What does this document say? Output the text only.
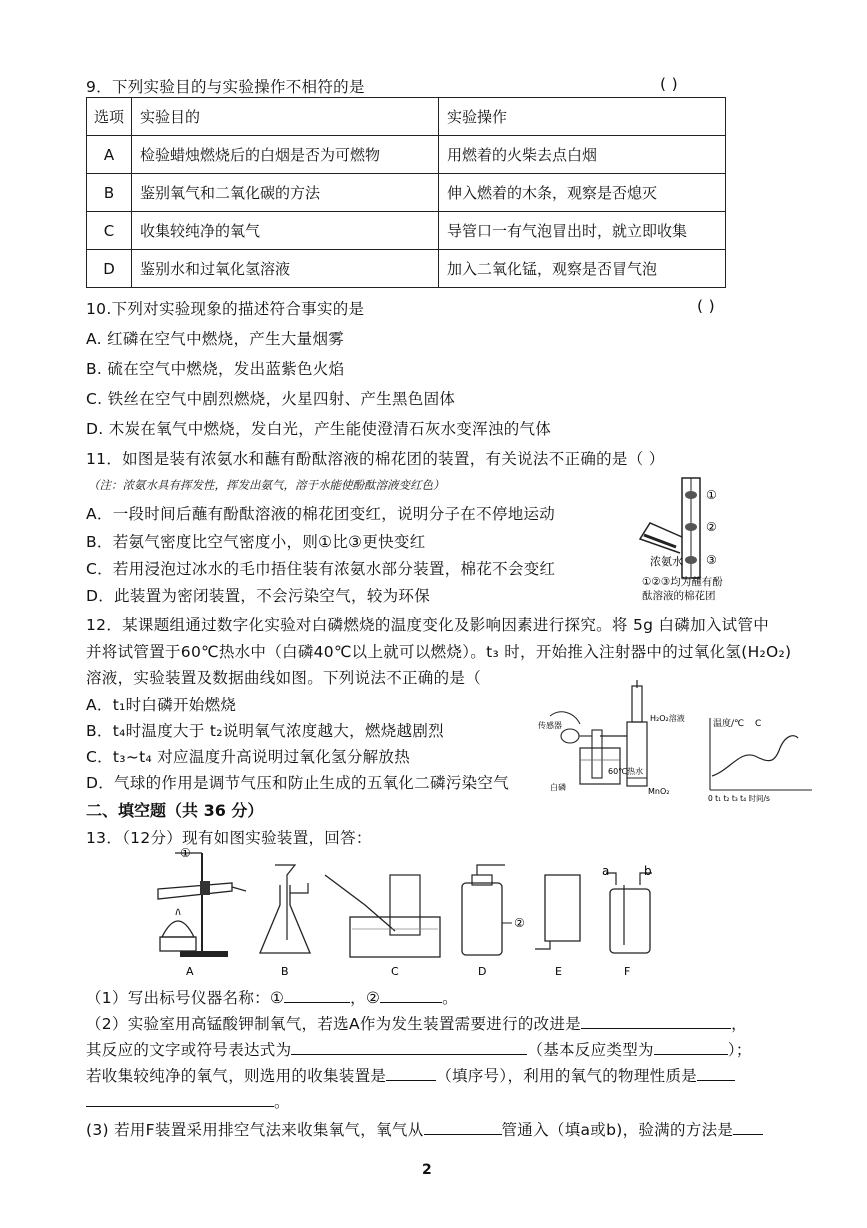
9．下列实验目的与实验操作不相符的是	( )
选项	实验目的	实验操作
A	检验蜡烛燃烧后的白烟是否为可燃物	用燃着的火柴去点白烟
B	鉴别氧气和二氧化碳的方法	伸入燃着的木条，观察是否熄灭
C	收集较纯净的氧气	导管口一有气泡冒出时，就立即收集
D	鉴别水和过氧化氢溶液	加入二氧化锰，观察是否冒气泡
10.下列对实验现象的描述符合事实的是	( )
A. 红磷在空气中燃烧，产生大量烟雾
B. 硫在空气中燃烧，发出蓝紫色火焰
C. 铁丝在空气中剧烈燃烧，火星四射、产生黑色固体
D. 木炭在氧气中燃烧，发白光，产生能使澄清石灰水变浑浊的气体
11．如图是装有浓氨水和蘸有酚酞溶液的棉花团的装置，有关说法不正确的是（ ）
（注：浓氨水具有挥发性，挥发出氨气，溶于水能使酚酞溶液变红色）
A．一段时间后蘸有酚酞溶液的棉花团变红，说明分子在不停地运动
B．若氨气密度比空气密度小，则①比③更快变红
C．若用浸泡过冰水的毛巾捂住装有浓氨水部分装置，棉花不会变红
D．此装置为密闭装置，不会污染空气，较为环保
①
②
③
浓氨水
①②③均为蘸有酚
酞溶液的棉花团
12．某课题组通过数字化实验对白磷燃烧的温度变化及影响因素进行探究。将 5g 白磷加入试管中
并将试管置于60℃热水中（白磷40℃以上就可以燃烧）。t₃ 时，开始推入注射器中的过氧化氢(H₂O₂)
溶液，实验装置及数据曲线如图。下列说法不正确的是（
A．t₁时白磷开始燃烧
B．t₄时温度大于 t₂说明氧气浓度越大，燃烧越剧烈
C．t₃~t₄ 对应温度升高说明过氧化氢分解放热
D．气球的作用是调节气压和防止生成的五氧化二磷污染空气
H₂O₂溶液
MnO₂
60℃热水
白磷
传感器	温度/℃ C
0 t₁ t₂ t₃ t₄ 时间/s
二、填空题（共 36 分）
13．（12分）现有如图实验装置，回答：
①
②
a	b
A	B	C	D	E	F
（1）写出标号仪器名称：①	，②	。
（2）实验室用高锰酸钾制氧气，若选A作为发生装置需要进行的改进是	，
其反应的文字或符号表达式为	（基本反应类型为	）；
若收集较纯净的氧气，则选用的收集装置是	（填序号），利用的氧气的物理性质是
。
(3) 若用F装置采用排空气法来收集氧气，氧气从	管通入（填a或b)，验满的方法是
2
